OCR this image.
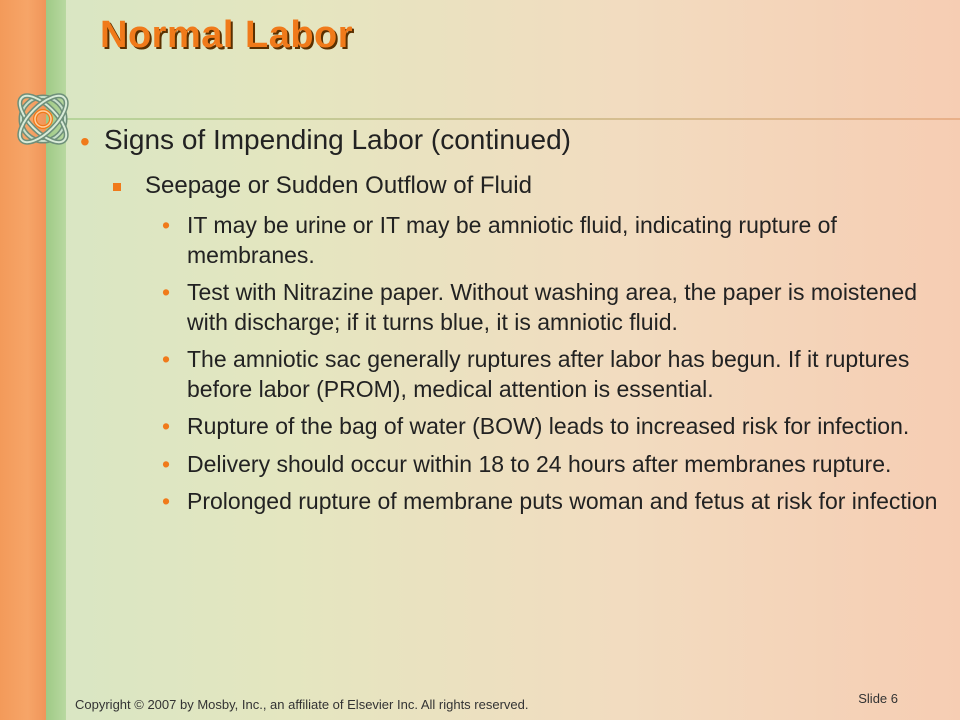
Normal Labor
• Signs of Impending Labor (continued)
Seepage or Sudden Outflow of Fluid
• IT may be urine or IT may be amniotic fluid, indicating rupture of membranes.
• Test with Nitrazine paper. Without washing area, the paper is moistened with discharge; if it turns blue, it is amniotic fluid.
• The amniotic sac generally ruptures after labor has begun. If it ruptures before labor (PROM), medical attention is essential.
• Rupture of the bag of water (BOW) leads to increased risk for infection.
• Delivery should occur within 18 to 24 hours after membranes rupture.
• Prolonged rupture of membrane puts woman and fetus at risk for infection
Copyright © 2007 by Mosby, Inc., an affiliate of Elsevier Inc. All rights reserved.	Slide 6
